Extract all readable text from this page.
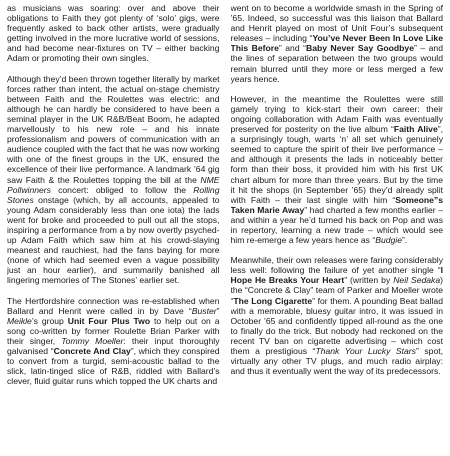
as musicians was soaring: over and above their obligations to Faith they got plenty of ‘solo’ gigs, were frequently asked to back other artists, were gradually getting involved in the more lucrative world of sessions, and had become near-fixtures on TV – either backing Adam or promoting their own singles.

Although they’d been thrown together literally by market forces rather than intent, the actual on-stage chemistry between Faith and the Roulettes was electric: and although he can hardly be considered to have been a seminal player in the UK R&B/Beat Boom, he adapted marvellously to his new role – and his innate professionalism and powers of communication with an audience coupled with the fact that he was now working with one of the finest groups in the UK, ensured the excellence of their live performance. A landmark ’64 gig saw Faith & the Roulettes topping the bill at the NME Pollwinners concert: obliged to follow the Rolling Stones onstage (which, by all accounts, appealed to young Adam considerably less than one iota) the lads went for broke and proceeded to pull out all the stops, inspiring a performance from a by now overtly psyched-up Adam Faith which saw him at his crowd-slaying meanest and rauchiest, had the fans baying for more (none of which had seemed even a vague possibility just an hour earlier), and summarily banished all lingering memories of The Stones’ earlier set.

The Hertfordshire connection was re-established when Ballard and Henrit were called in by Dave “Buster” Meikle’s group Unit Four Plus Two to help out on a song co-written by former Roulette Brian Parker with their singer, Tommy Moeller: their input thoroughly galvanised “Concrete And Clay”, which they conspired to convert from a turgid, semi-acoustic ballad to the slick, latin-tinged slice of R&B, riddled with Ballard’s clever, fluid guitar runs which topped the UK charts and

went on to become a worldwide smash in the Spring of ’65. Indeed, so successful was this liaison that Ballard and Henrit played on most of Unit Four’s subsequent releases – including “You’ve Never Been In Love Like This Before” and “Baby Never Say Goodbye” – and the lines of separation between the two groups would remain blurred until they more or less merged a few years hence.

However, in the meantime the Roulettes were still gamely trying to kick-start their own career: their ongoing collaboration with Adam Faith was eventually preserved for posterity on the live album “Faith Alive”, a surprisingly tough, warts ‘n’ all set which genuinely seemed to capture the spirit of their live performance – and although it presents the lads in noticeably better form than their boss, it provided him with his first UK chart album for more than three years. But by the time it hit the shops (in September ’65) they’d already split with Faith – their last single with him “Someone”s Taken Marie Away” had charted a few months earlier – and within a year he’d turned his back on Pop and was in repertory, learning a new trade – which would see him re-emerge a few years hence as “Budgie”.

Meanwhile, their own releases were faring considerably less well: following the failure of yet another single “I Hope He Breaks Your Heart” (written by Neil Sedaka) the “Concrete & Clay” team of Parker and Moeller wrote “The Long Cigarette” for them. A pounding Beat ballad with a memorable, bluesy guitar intro, it was issued in October ’65 and confidently tipped all-round as the one to finally do the trick. But nobody had reckoned on the recent TV ban on cigarette advertising – which cost them a prestigious “Thank Your Lucky Stars” spot, virtually any other TV plugs, and much radio airplay: and thus it eventually went the way of its predecessors.
